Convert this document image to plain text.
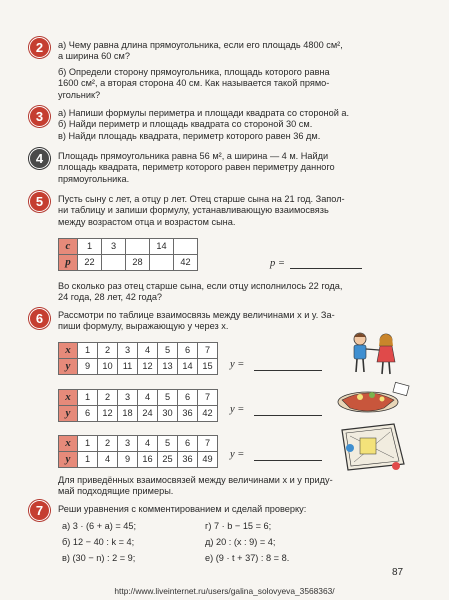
2 а) Чему равна длина прямоугольника, если его площадь 4800 см²,
а ширина 60 см?
б) Определи сторону прямоугольника, площадь которого равна
1600 см², а вторая сторона 40 см. Как называется такой прямо-
угольник?
3 а) Напиши формулы периметра и площади квадрата со стороной a.
б) Найди периметр и площадь квадрата со стороной 30 см.
в) Найди площадь квадрата, периметр которого равен 36 дм.
4 Площадь прямоугольника равна 56 м², а ширина — 4 м. Найди
площадь квадрата, периметр которого равен периметру данного
прямоугольника.
5 Пусть сыну c лет, а отцу p лет. Отец старше сына на 21 год. Запол-
ни таблицу и запиши формулу, устанавливающую взаимосвязь
между возрастом отца и возрастом сына.
c	1	3		14	
p	22		28		42	p =
Во сколько раз отец старше сына, если отцу исполнилось 22 года,
24 года, 28 лет, 42 года?
6 Рассмотри по таблице взаимосвязь между величинами x и y. За-
пиши формулу, выражающую y через x.
x	1	2	3	4	5	6	7
y	9	10	11	12	13	14	15
x	1	2	3	4	5	6	7
y	6	12	18	24	30	36	42
x	1	2	3	4	5	6	7
y	1	4	9	16	25	36	49
y =
y =
y =
Для приведённых взаимосвязей между величинами x и y приду-
май подходящие примеры.
7 Реши уравнения с комментированием и сделай проверку:
а) 3 · (6 + a) = 45;	г) 7 · b − 15 = 6;
б) 12 − 40 : k = 4;	д) 20 : (x : 9) = 4;
в) (30 − n) : 2 = 9;	е) (9 · t + 37) : 8 = 8.
87
http://www.liveinternet.ru/users/galina_solovyeva_3568363/
